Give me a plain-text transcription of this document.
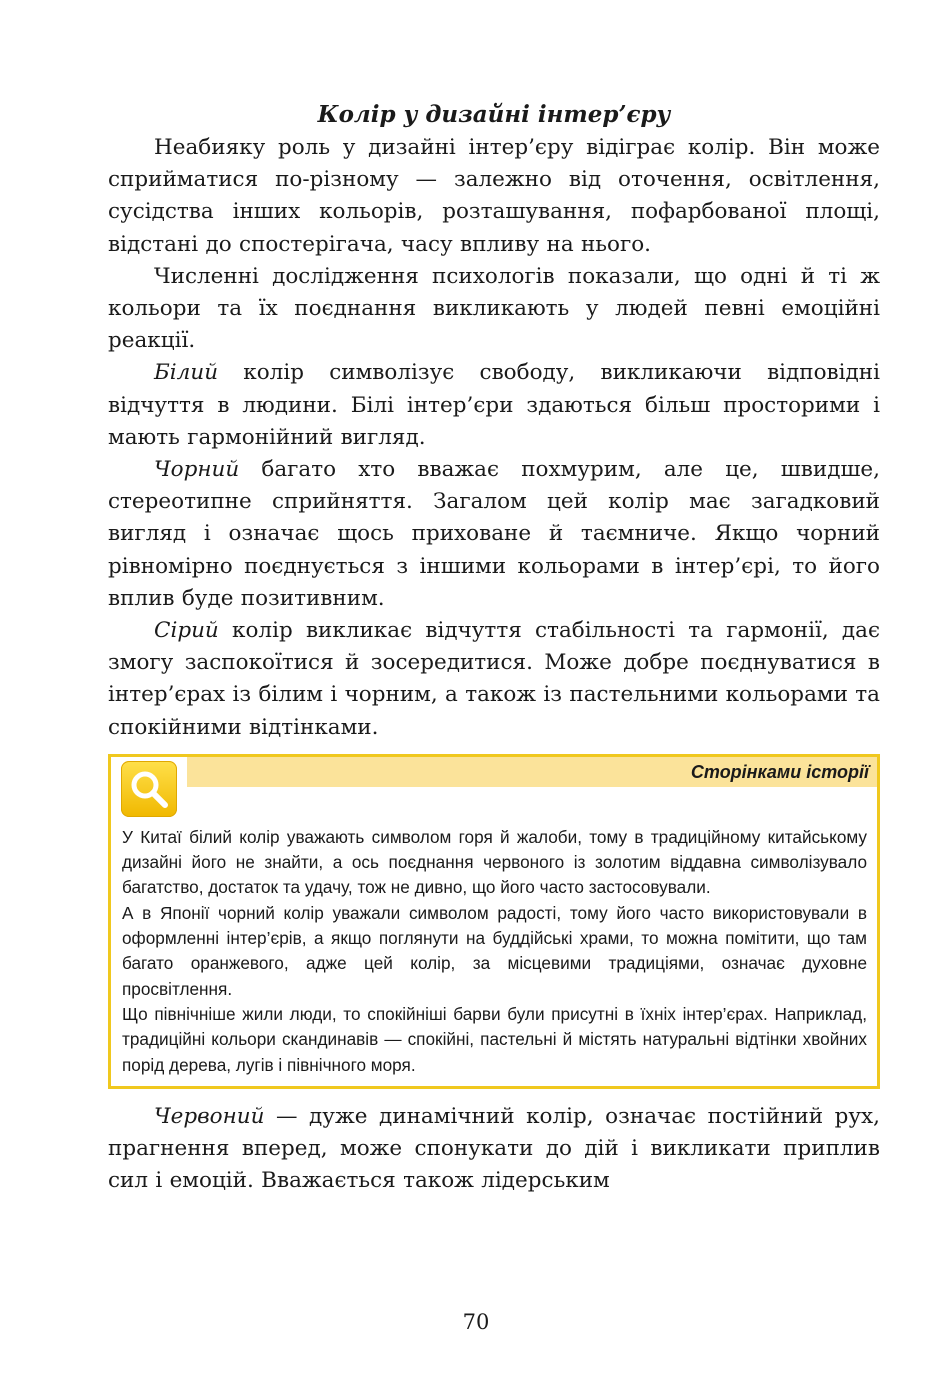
Колір у дизайні інтер’єру

Неабияку роль у дизайні інтер’єру відіграє колір. Він може сприйматися по-різному — залежно від оточення, освітлення, сусідства інших кольорів, розташування, пофарбованої площі, відстані до спостерігача, часу впливу на нього.

Численні дослідження психологів показали, що одні й ті ж кольори та їх поєднання викликають у людей певні емоційні реакції.

Білий колір символізує свободу, викликаючи відповідні відчуття в людини. Білі інтер’єри здаються більш просторими і мають гармонійний вигляд.

Чорний багато хто вважає похмурим, але це, швидше, стереотипне сприйняття. Загалом цей колір має загадковий вигляд і означає щось приховане й таємниче. Якщо чорний рівномірно поєднується з іншими кольорами в інтер’єрі, то його вплив буде позитивним.

Сірий колір викликає відчуття стабільності та гармонії, дає змогу заспокоїтися й зосередитися. Може добре поєднуватися в інтер’єрах із білим і чорним, а також із пастельними кольорами та спокійними відтінками.

Сторінками історії

У Китаї білий колір уважають символом горя й жалоби, тому в традиційному китайському дизайні його не знайти, а ось поєднання червоного із золотим віддавна символізувало багатство, достаток та удачу, тож не дивно, що його часто застосовували.

А в Японії чорний колір уважали символом радості, тому його часто використовували в оформленні інтер’єрів, а якщо поглянути на буддійські храми, то можна помітити, що там багато оранжевого, адже цей колір, за місцевими традиціями, означає духовне просвітлення.

Що північніше жили люди, то спокійніші барви були присутні в їхніх інтер’єрах. Наприклад, традиційні кольори скандинавів — спокійні, пастельні й містять натуральні відтінки хвойних порід дерева, лугів і північного моря.

Червоний — дуже динамічний колір, означає постійний рух, прагнення вперед, може спонукати до дій і викликати приплив сил і емоцій. Вважається також лідерським

70
